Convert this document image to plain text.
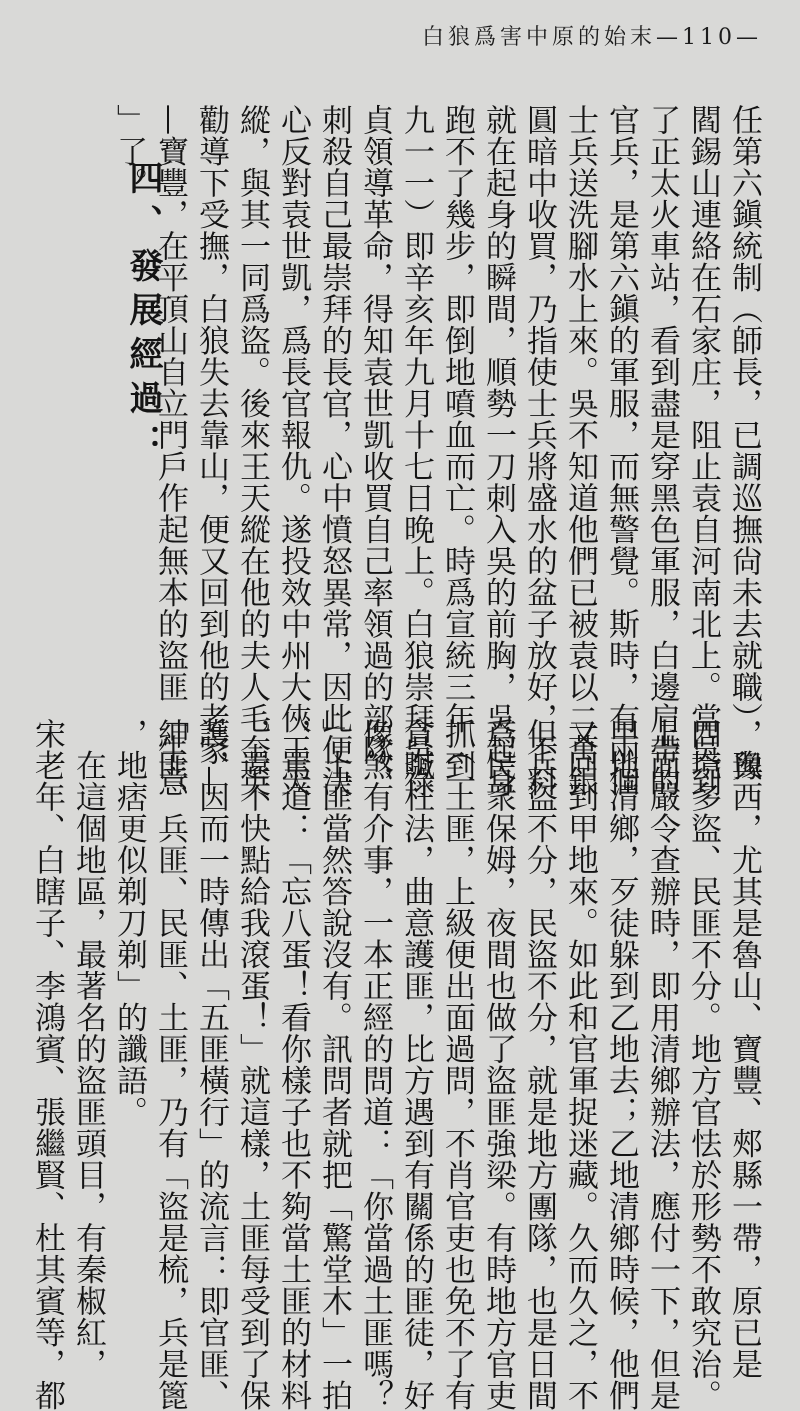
白狼爲害中原的始末—110—
任第六鎭統制（師長，已調巡撫尙未去就職），與
閻錫山連絡在石家庄，阻止袁自河南北上。當吳到
了正太火車站，看到盡是穿黑色軍服，白邊肩帶的
官兵，是第六鎭的軍服，而無警覺。斯時，有兩個
士兵送洗腳水上來。吳不知道他們已被袁以二萬銀
圓暗中收買，乃指使士兵將盛水的盆子放好，不料
就在起身的瞬間，順勢一刀刺入吳的前胸，吳起身
跑不了幾步，即倒地噴血而亡。時爲宣統三年（一
九一一）即辛亥年九月十七日晚上。白狼崇拜吳祿
貞領導革命，得知袁世凱收買自己率領過的部隊，
刺殺自己最崇拜的長官，心中憤怒異常，因此便決
心反對袁世凱，爲長官報仇。遂投效中州大俠王天
縱，與其一同爲盜。後來王天縱在他的夫人毛奎英
勸導下受撫，白狼失去靠山，便又回到他的老家—
—寶豐，在平頂山自立門戶作起無本的盜匪「生意
」了。
四、發展經過：
　豫西，尤其是魯山、寶豐、郟縣一帶，原已是
四境多盜、民匪不分。地方官怯於形勢不敢究治。
上面嚴令查辦時，即用清鄉辦法，應付一下，但是
甲地清鄉，歹徒躲到乙地去；乙地清鄉時候，他們
又回到甲地來。如此和官軍捉迷藏。久而久之，不
但兵盜不分，民盜不分，就是地方團隊，也是日間
爲民衆保姆，夜間也做了盜匪強梁。有時地方官吏
抓到土匪，上級便出面過問，不肖官吏也免不了有
貪贓枉法，曲意護匪，比方遇到有關係的匪徒，好
像煞有介事，一本正經的問道：「你當過土匪嗎？
」土匪當然答說沒有。訊問者就把「驚堂木」一拍
，罵道：「忘八蛋！看你樣子也不夠當土匪的材料
，還不快點給我滾蛋！」就這樣，土匪每受到了保
護，因而一時傳出「五匪橫行」的流言：即官匪、
紳匪、兵匪、民匪、土匪，乃有「盜是梳，兵是篦
，地痞更似剃刀剃」的讖語。
　在這個地區，最著名的盜匪頭目，有秦椒紅，
宋老年、白瞎子、李鴻賓、張繼賢、杜其賓等，都
